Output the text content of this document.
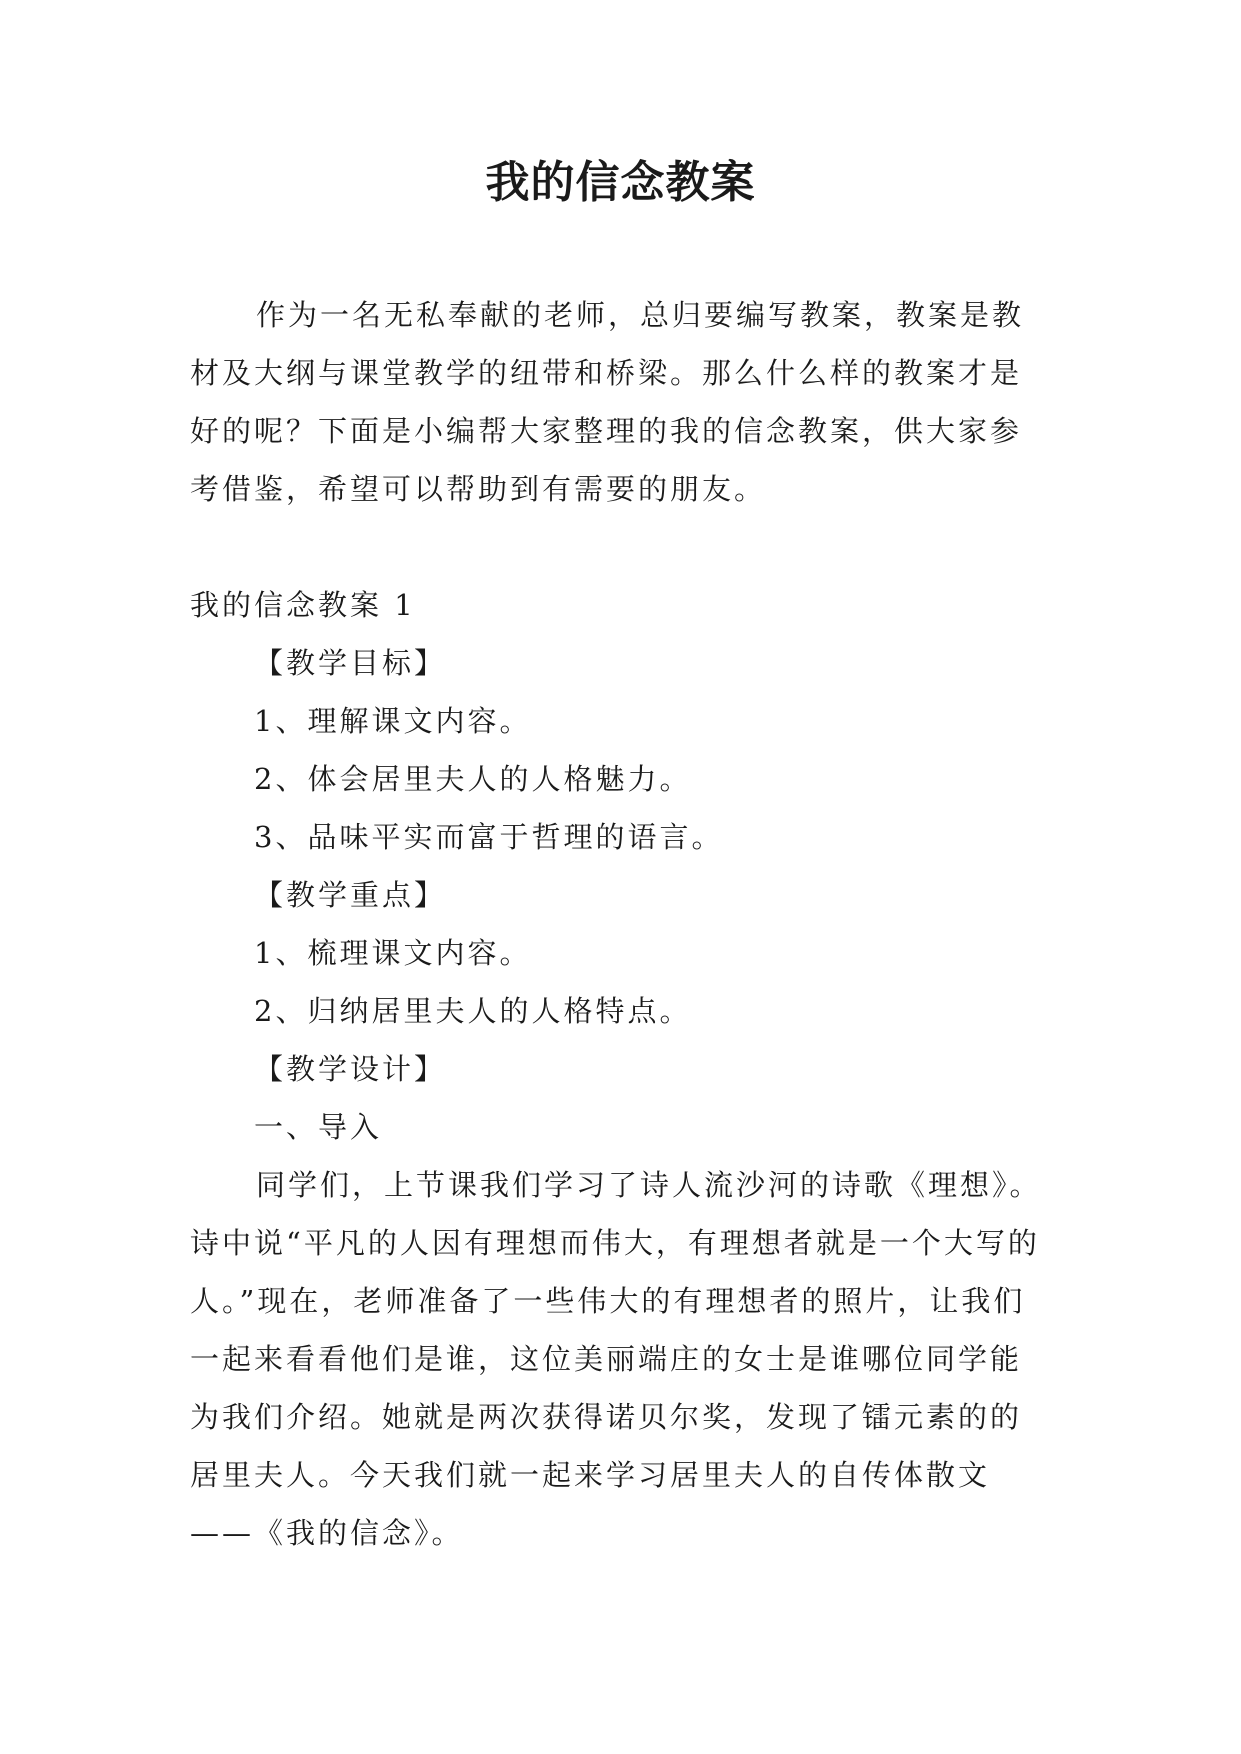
我的信念教案

作为一名无私奉献的老师，总归要编写教案，教案是教材及大纲与课堂教学的纽带和桥梁。那么什么样的教案才是好的呢？下面是小编帮大家整理的我的信念教案，供大家参考借鉴，希望可以帮助到有需要的朋友。

我的信念教案 1
【教学目标】
1、理解课文内容。
2、体会居里夫人的人格魅力。
3、品味平实而富于哲理的语言。
【教学重点】
1、梳理课文内容。
2、归纳居里夫人的人格特点。
【教学设计】
一、导入

同学们，上节课我们学习了诗人流沙河的诗歌《理想》。诗中说“平凡的人因有理想而伟大，有理想者就是一个大写的人。”现在，老师准备了一些伟大的有理想者的照片，让我们一起来看看他们是谁，这位美丽端庄的女士是谁哪位同学能为我们介绍。她就是两次获得诺贝尔奖，发现了镭元素的的居里夫人。今天我们就一起来学习居里夫人的自传体散文——《我的信念》。
